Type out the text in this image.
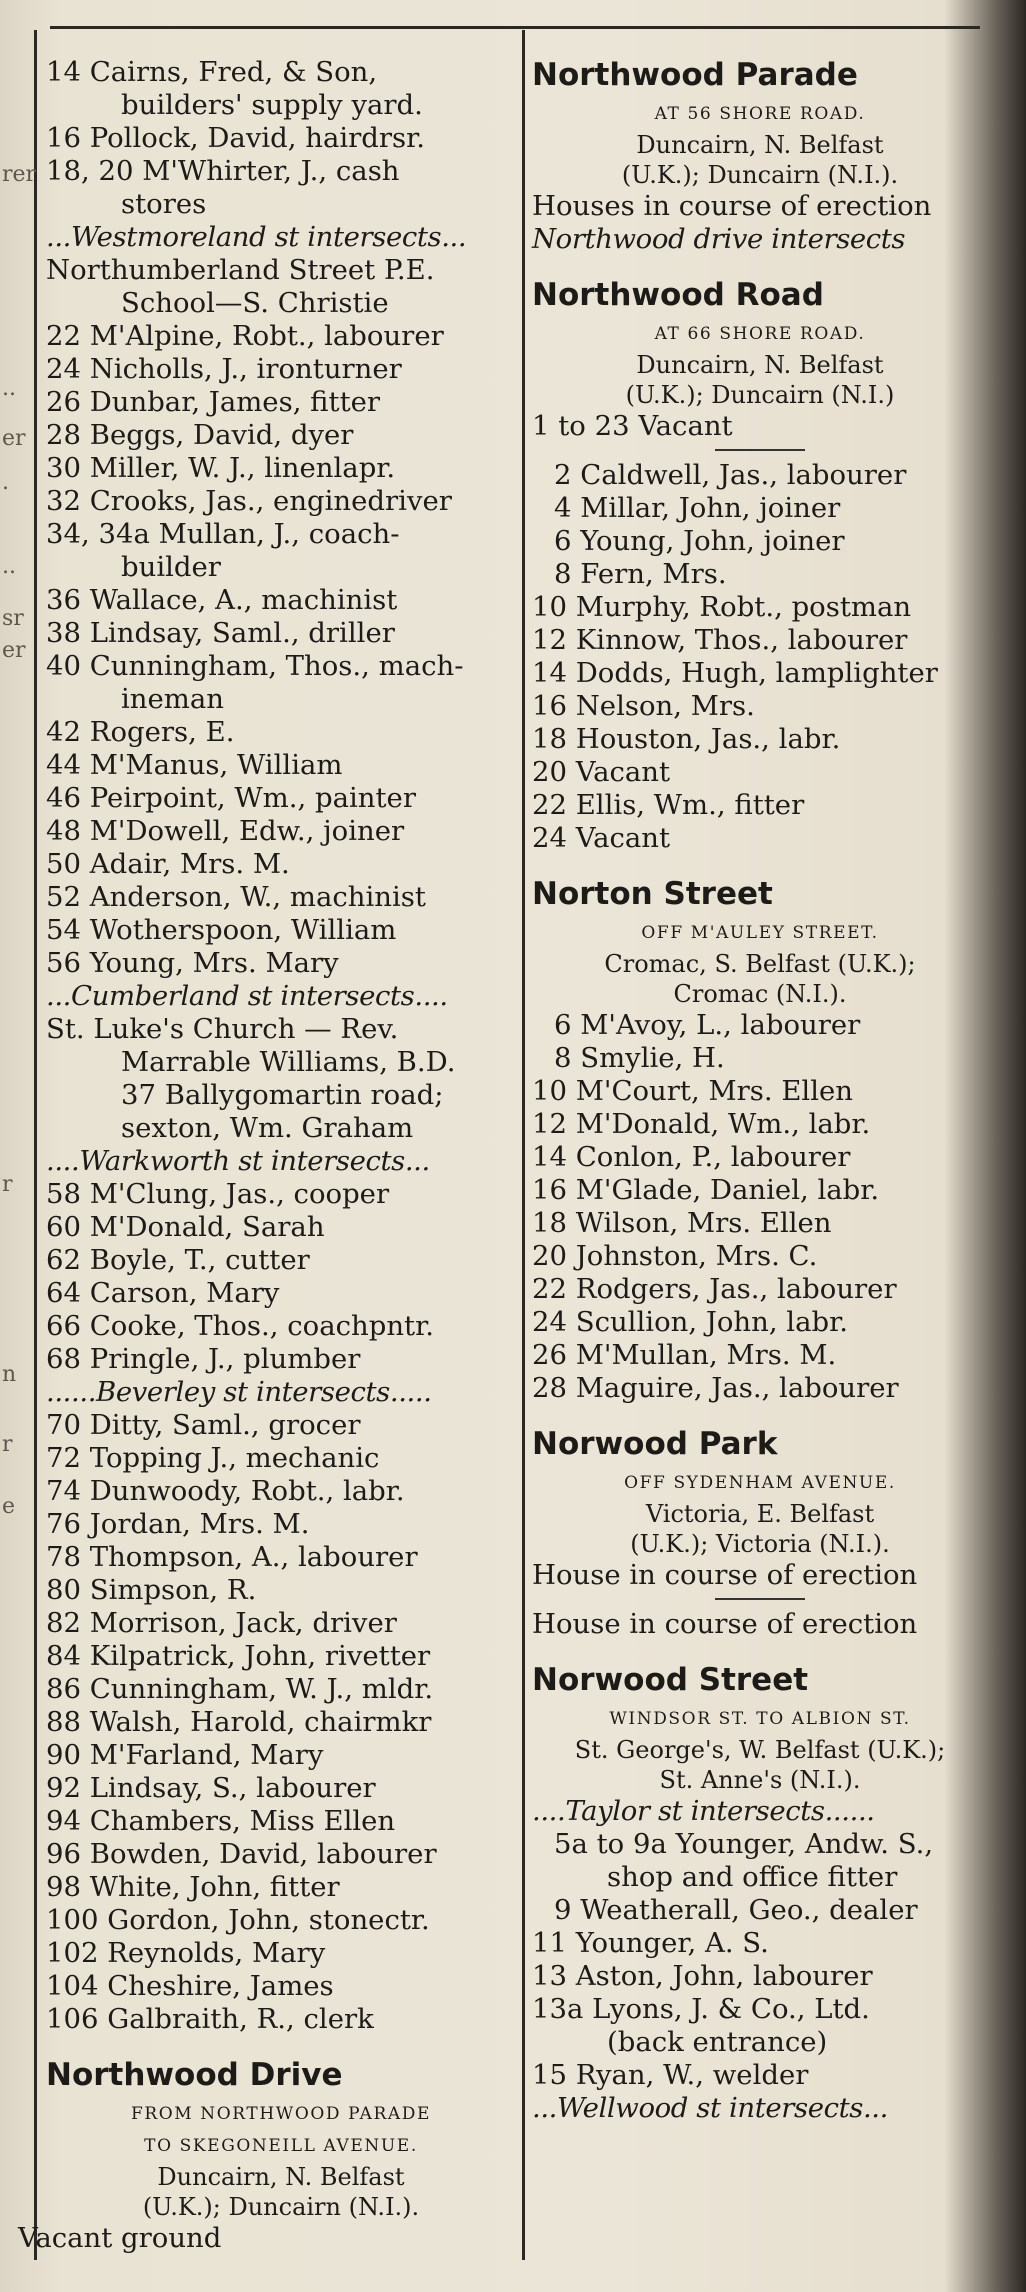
rer
..
er
.
..
sr
er
r
n
r
e
14 Cairns, Fred, & Son,
builders' supply yard.
16 Pollock, David, hairdrsr.
18, 20 M'Whirter, J., cash
stores
...Westmoreland st intersects...
Northumberland Street P.E.
School—S. Christie
22 M'Alpine, Robt., labourer
24 Nicholls, J., ironturner
26 Dunbar, James, fitter
28 Beggs, David, dyer
30 Miller, W. J., linenlapr.
32 Crooks, Jas., enginedriver
34, 34a Mullan, J., coach-
builder
36 Wallace, A., machinist
38 Lindsay, Saml., driller
40 Cunningham, Thos., mach-
ineman
42 Rogers, E.
44 M'Manus, William
46 Peirpoint, Wm., painter
48 M'Dowell, Edw., joiner
50 Adair, Mrs. M.
52 Anderson, W., machinist
54 Wotherspoon, William
56 Young, Mrs. Mary
...Cumberland st intersects....
St. Luke's Church — Rev.
Marrable Williams, B.D.
37 Ballygomartin road;
sexton, Wm. Graham
....Warkworth st intersects...
58 M'Clung, Jas., cooper
60 M'Donald, Sarah
62 Boyle, T., cutter
64 Carson, Mary
66 Cooke, Thos., coachpntr.
68 Pringle, J., plumber
......Beverley st intersects.....
70 Ditty, Saml., grocer
72 Topping J., mechanic
74 Dunwoody, Robt., labr.
76 Jordan, Mrs. M.
78 Thompson, A., labourer
80 Simpson, R.
82 Morrison, Jack, driver
84 Kilpatrick, John, rivetter
86 Cunningham, W. J., mldr.
88 Walsh, Harold, chairmkr
90 M'Farland, Mary
92 Lindsay, S., labourer
94 Chambers, Miss Ellen
96 Bowden, David, labourer
98 White, John, fitter
100 Gordon, John, stonectr.
102 Reynolds, Mary
104 Cheshire, James
106 Galbraith, R., clerk
Northwood Drive
FROM NORTHWOOD PARADE
TO SKEGONEILL AVENUE.
Duncairn, N. Belfast
(U.K.); Duncairn (N.I.).
Vacant ground
Northwood Parade
AT 56 SHORE ROAD.
Duncairn, N. Belfast
(U.K.); Duncairn (N.I.).
Houses in course of erection
Northwood drive intersects
Northwood Road
AT 66 SHORE ROAD.
Duncairn, N. Belfast
(U.K.); Duncairn (N.I.)
1 to 23 Vacant
2 Caldwell, Jas., labourer
4 Millar, John, joiner
6 Young, John, joiner
8 Fern, Mrs.
10 Murphy, Robt., postman
12 Kinnow, Thos., labourer
14 Dodds, Hugh, lamplighter
16 Nelson, Mrs.
18 Houston, Jas., labr.
20 Vacant
22 Ellis, Wm., fitter
24 Vacant
Norton Street
OFF M'AULEY STREET.
Cromac, S. Belfast (U.K.);
Cromac (N.I.).
6 M'Avoy, L., labourer
8 Smylie, H.
10 M'Court, Mrs. Ellen
12 M'Donald, Wm., labr.
14 Conlon, P., labourer
16 M'Glade, Daniel, labr.
18 Wilson, Mrs. Ellen
20 Johnston, Mrs. C.
22 Rodgers, Jas., labourer
24 Scullion, John, labr.
26 M'Mullan, Mrs. M.
28 Maguire, Jas., labourer
Norwood Park
OFF SYDENHAM AVENUE.
Victoria, E. Belfast
(U.K.); Victoria (N.I.).
House in course of erection
House in course of erection
Norwood Street
WINDSOR ST. TO ALBION ST.
St. George's, W. Belfast (U.K.);
St. Anne's (N.I.).
....Taylor st intersects......
5a to 9a Younger, Andw. S.,
shop and office fitter
9 Weatherall, Geo., dealer
11 Younger, A. S.
13 Aston, John, labourer
13a Lyons, J. & Co., Ltd.
(back entrance)
15 Ryan, W., welder
...Wellwood st intersects...
